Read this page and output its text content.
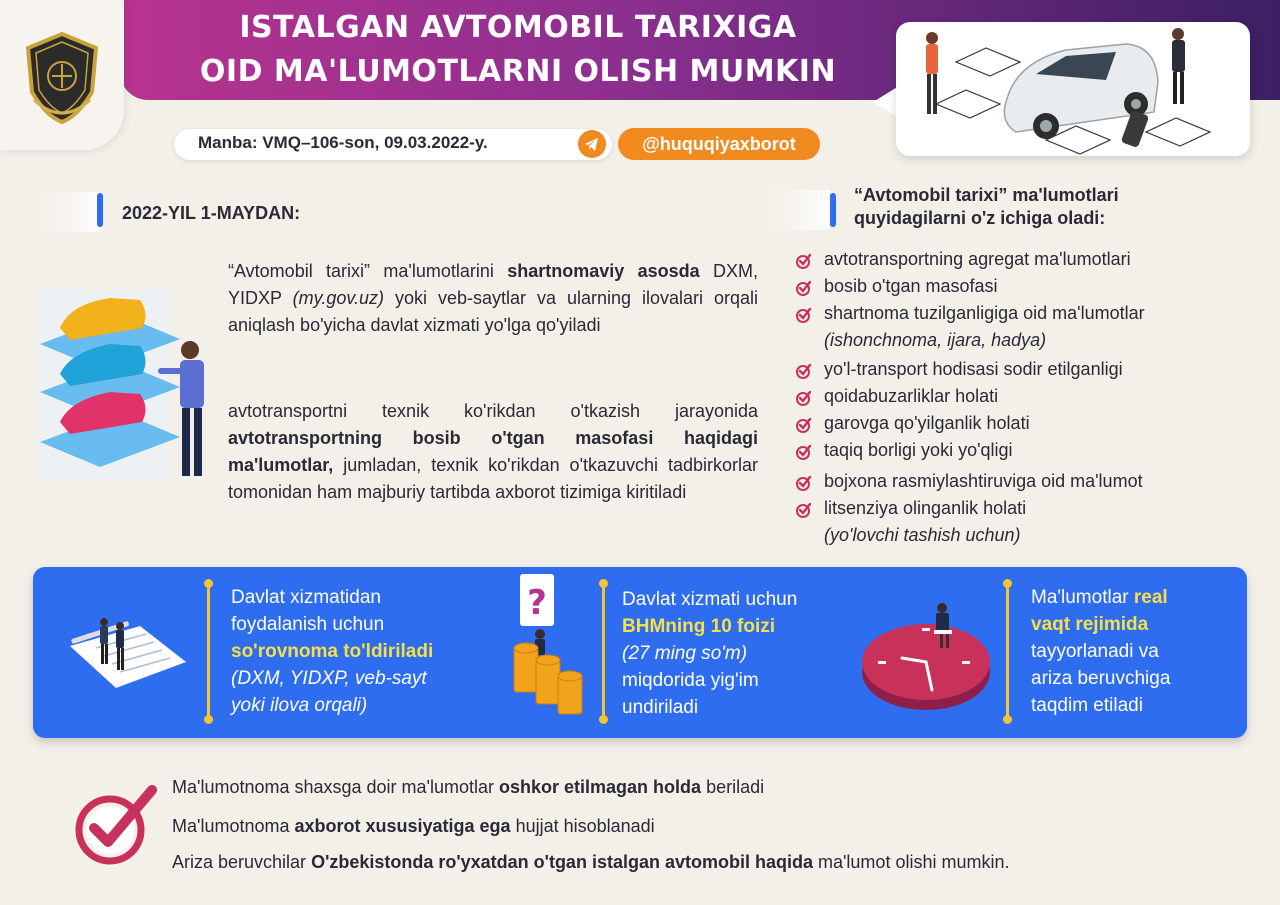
ISTALGAN AVTOMOBIL TARIXIGA
OID MA'LUMOTLARNI OLISH MUMKIN
Manba: VMQ–106-son, 09.03.2022-y.	@huquqiyaxborot
2022-YIL 1-MAYDAN:
“Avtomobil tarixi” ma'lumotlarini shartnomaviy asosda DXM, YIDXP (my.gov.uz) yoki veb-saytlar va ularning ilovalari orqali aniqlash bo'yicha davlat xizmati yo'lga qo'yiladi
avtotransportni texnik ko'rikdan o'tkazish jarayonida avtotransportning bosib o'tgan masofasi haqidagi ma'lumotlar, jumladan, texnik ko'rikdan o'tkazuvchi tadbirkorlar tomonidan ham majburiy tartibda axborot tizimiga kiritiladi
“Avtomobil tarixi” ma'lumotlari
quyidagilarni o'z ichiga oladi:
avtotransportning agregat ma'lumotlari
bosib o'tgan masofasi
shartnoma tuzilganligiga oid ma'lumotlar
(ishonchnoma, ijara, hadya)
yo'l-transport hodisasi sodir etilganligi
qoidabuzarliklar holati
garovga qo'yilganlik holati
taqiq borligi yoki yo'qligi
bojxona rasmiylashtiruviga oid ma'lumot
litsenziya olinganlik holati
(yo'lovchi tashish uchun)
Davlat xizmatidan
foydalanish uchun
so'rovnoma to'ldiriladi
(DXM, YIDXP, veb-sayt
yoki ilova orqali)
?	Davlat xizmati uchun
BHMning 10 foizi
(27 ming so'm)
miqdorida yig'im
undiriladi
Ma'lumotlar real
vaqt rejimida
tayyorlanadi va
ariza beruvchiga
taqdim etiladi
Ma'lumotnoma shaxsga doir ma'lumotlar oshkor etilmagan holda beriladi
Ma'lumotnoma axborot xususiyatiga ega hujjat hisoblanadi
Ariza beruvchilar O'zbekistonda ro'yxatdan o'tgan istalgan avtomobil haqida ma'lumot olishi mumkin.
